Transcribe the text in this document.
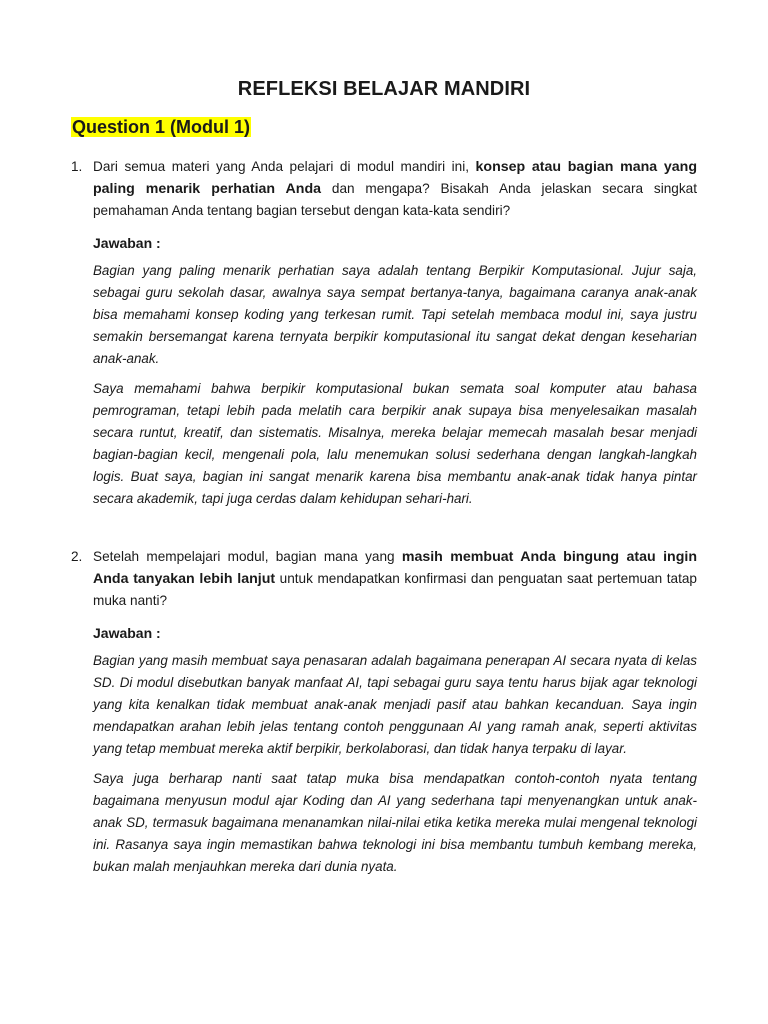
REFLEKSI BELAJAR MANDIRI
Question 1 (Modul 1)
1. Dari semua materi yang Anda pelajari di modul mandiri ini, konsep atau bagian mana yang paling menarik perhatian Anda dan mengapa? Bisakah Anda jelaskan secara singkat pemahaman Anda tentang bagian tersebut dengan kata-kata sendiri?
Jawaban :

Bagian yang paling menarik perhatian saya adalah tentang Berpikir Komputasional. Jujur saja, sebagai guru sekolah dasar, awalnya saya sempat bertanya-tanya, bagaimana caranya anak-anak bisa memahami konsep koding yang terkesan rumit. Tapi setelah membaca modul ini, saya justru semakin bersemangat karena ternyata berpikir komputasional itu sangat dekat dengan keseharian anak-anak.

Saya memahami bahwa berpikir komputasional bukan semata soal komputer atau bahasa pemrograman, tetapi lebih pada melatih cara berpikir anak supaya bisa menyelesaikan masalah secara runtut, kreatif, dan sistematis. Misalnya, mereka belajar memecah masalah besar menjadi bagian-bagian kecil, mengenali pola, lalu menemukan solusi sederhana dengan langkah-langkah logis. Buat saya, bagian ini sangat menarik karena bisa membantu anak-anak tidak hanya pintar secara akademik, tapi juga cerdas dalam kehidupan sehari-hari.

2. Setelah mempelajari modul, bagian mana yang masih membuat Anda bingung atau ingin Anda tanyakan lebih lanjut untuk mendapatkan konfirmasi dan penguatan saat pertemuan tatap muka nanti?
Jawaban :

Bagian yang masih membuat saya penasaran adalah bagaimana penerapan AI secara nyata di kelas SD. Di modul disebutkan banyak manfaat AI, tapi sebagai guru saya tentu harus bijak agar teknologi yang kita kenalkan tidak membuat anak-anak menjadi pasif atau bahkan kecanduan. Saya ingin mendapatkan arahan lebih jelas tentang contoh penggunaan AI yang ramah anak, seperti aktivitas yang tetap membuat mereka aktif berpikir, berkolaborasi, dan tidak hanya terpaku di layar.

Saya juga berharap nanti saat tatap muka bisa mendapatkan contoh-contoh nyata tentang bagaimana menyusun modul ajar Koding dan AI yang sederhana tapi menyenangkan untuk anak-anak SD, termasuk bagaimana menanamkan nilai-nilai etika ketika mereka mulai mengenal teknologi ini. Rasanya saya ingin memastikan bahwa teknologi ini bisa membantu tumbuh kembang mereka, bukan malah menjauhkan mereka dari dunia nyata.
